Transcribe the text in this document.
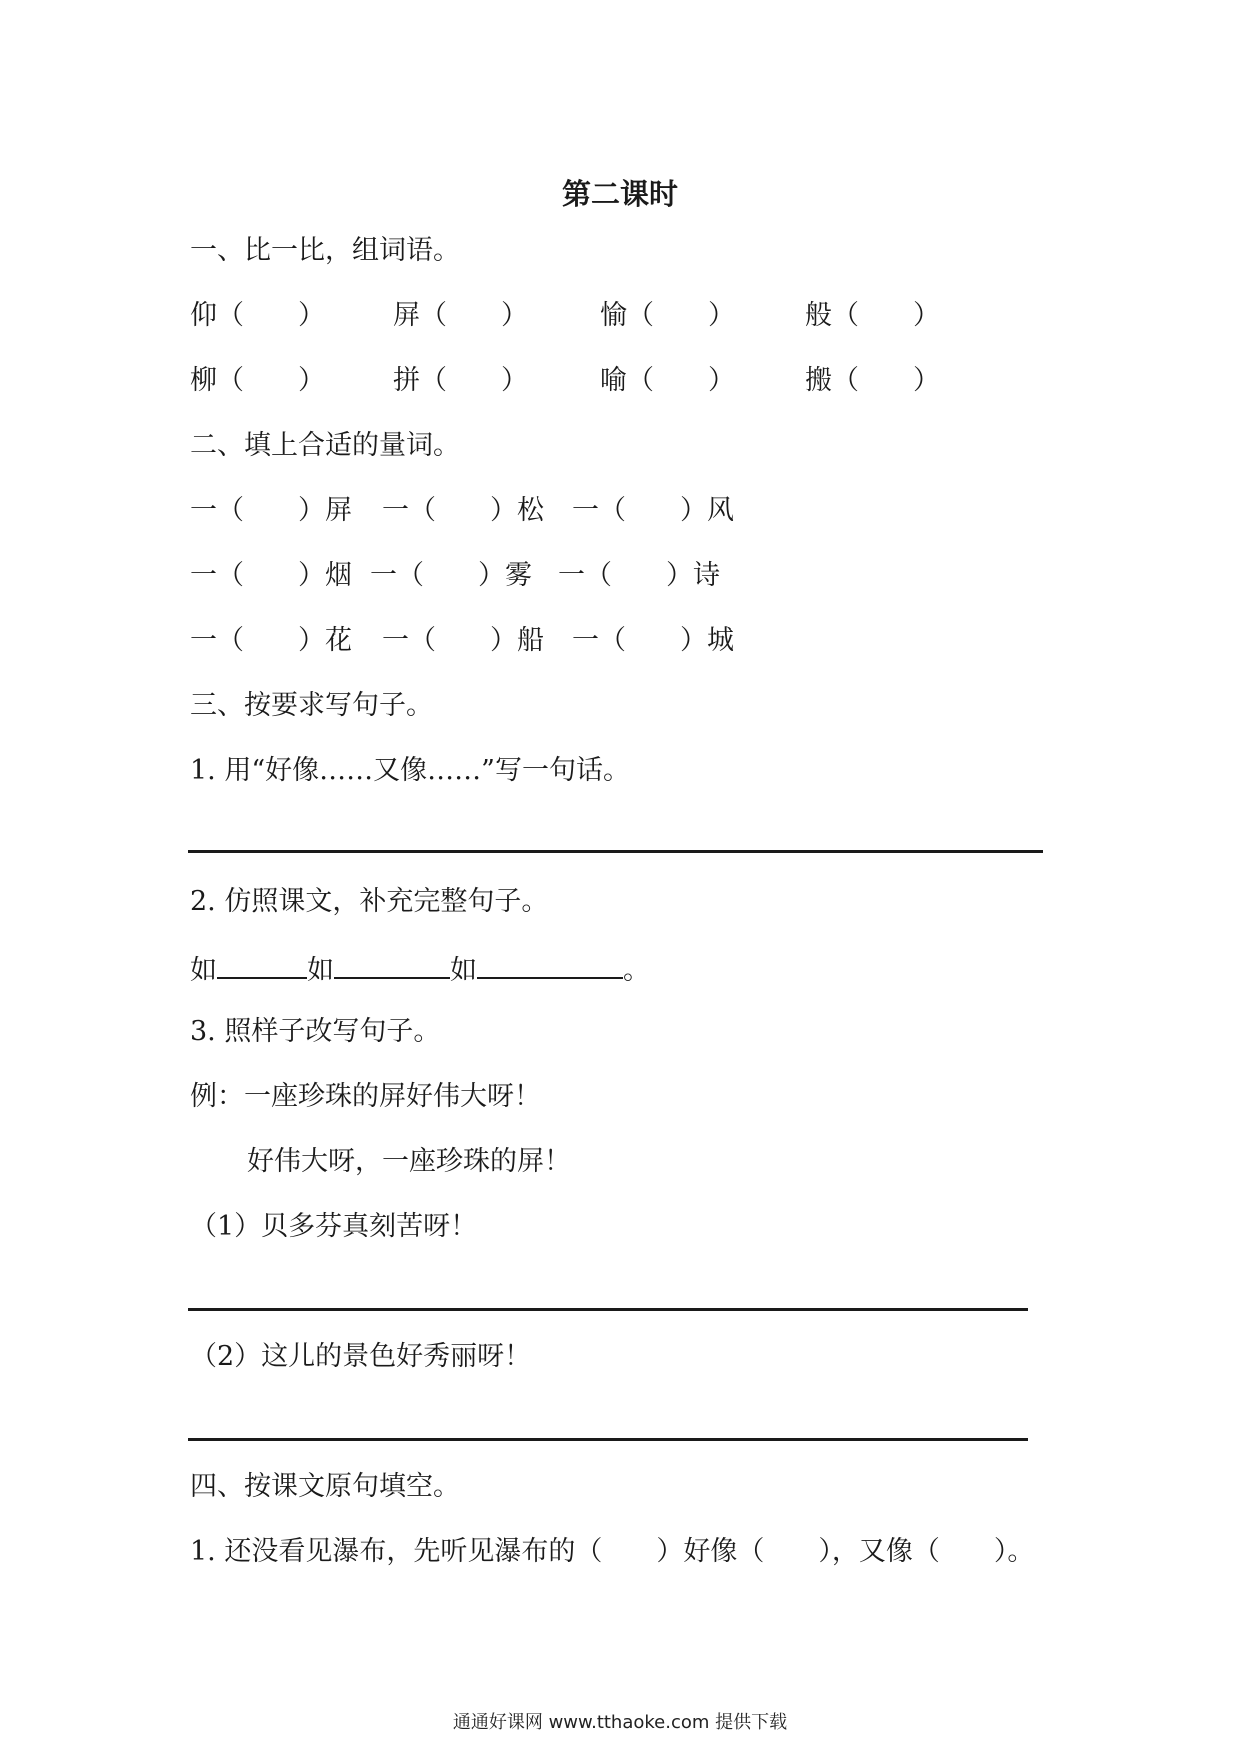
第二课时
一、比一比，组词语。
仰（　　）	屏（　　）	愉（　　）	般（　　）
柳（　　）	拼（　　）	喻（　　）	搬（　　）
二、填上合适的量词。
一（　　）屏 一（　　）松 一（　　）风
一（　　）烟 一（　　）雾 一（　　）诗
一（　　）花 一（　　）船 一（　　）城
三、按要求写句子。
1. 用“好像……又像……”写一句话。
2. 仿照课文，补充完整句子。
如	如	如	。
3. 照样子改写句子。
例：一座珍珠的屏好伟大呀！
好伟大呀，一座珍珠的屏！
（1）贝多芬真刻苦呀！
（2）这儿的景色好秀丽呀！
四、按课文原句填空。
1. 还没看见瀑布，先听见瀑布的（　　）好像（　　），又像（　　）。
通通好课网 www.tthaoke.com 提供下载
